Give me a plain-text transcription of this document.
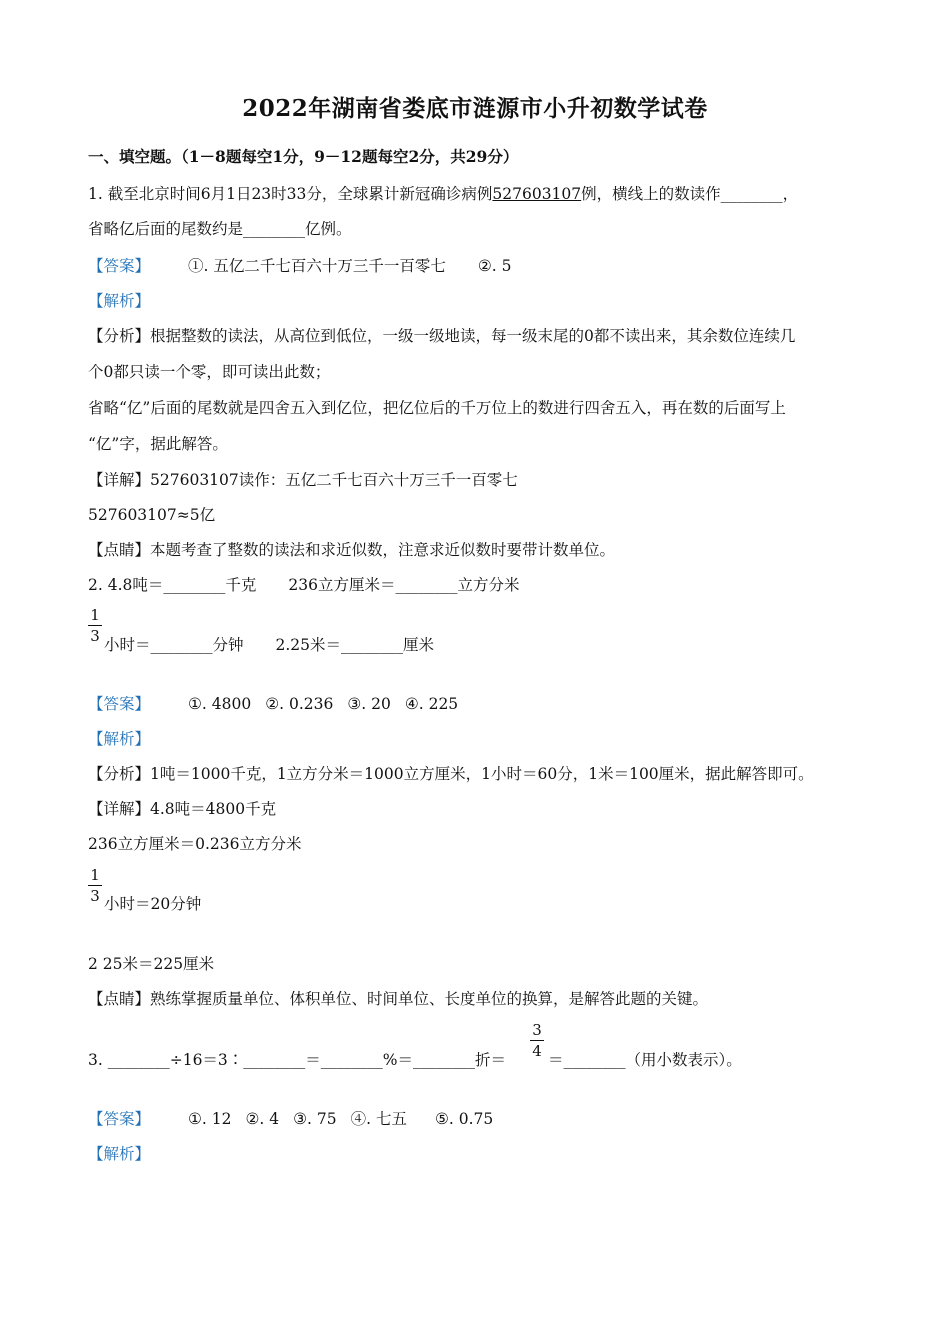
2022年湖南省娄底市涟源市小升初数学试卷
一、填空题。（1－8题每空1分，9－12题每空2分，共29分）
1. 截至北京时间6月1日23时33分，全球累计新冠确诊病例527603107例，横线上的数读作________，
省略亿后面的尾数约是________亿例。
【答案】 ①. 五亿二千七百六十万三千一百零七 ②. 5
【解析】
【分析】根据整数的读法，从高位到低位，一级一级地读，每一级末尾的0都不读出来，其余数位连续几
个0都只读一个零，即可读出此数；
省略“亿”后面的尾数就是四舍五入到亿位，把亿位后的千万位上的数进行四舍五入，再在数的后面写上
“亿”字，据此解答。
【详解】527603107读作：五亿二千七百六十万三千一百零七
527603107≈5亿
【点睛】本题考查了整数的读法和求近似数，注意求近似数时要带计数单位。
2. 4.8吨＝________千克 236立方厘米＝________立方分米
1
3 小时＝________分钟 2.25米＝________厘米
【答案】 ①. 4800 ②. 0.236 ③. 20 ④. 225
【解析】
【分析】1吨＝1000千克，1立方分米＝1000立方厘米，1小时＝60分，1米＝100厘米，据此解答即可。
【详解】4.8吨＝4800千克
236立方厘米＝0.236立方分米
1
3 小时＝20分钟
2 25米＝225厘米
【点睛】熟练掌握质量单位、体积单位、时间单位、长度单位的换算，是解答此题的关键。
3. ________÷16＝3∶________＝________%＝________折＝
3
4 ＝________（用小数表示）。
【答案】 ①. 12 ②. 4 ③. 75 ④. 七五 ⑤. 0.75
【解析】
